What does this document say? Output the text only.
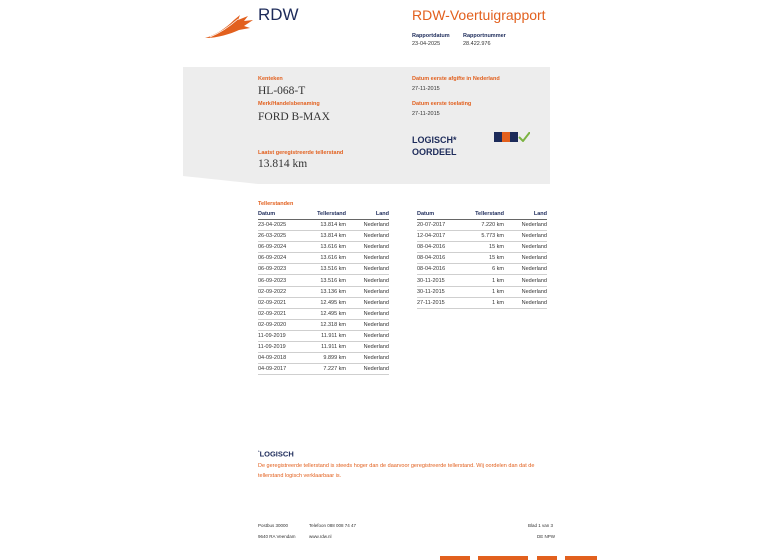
RDW	RDW-Voertuigrapport
Rapportdatum
23-04-2025
Rapportnummer
28.422.976
Kenteken
HL-068-T
Merk/Handelsbenaming
FORD B-MAX
Laatst geregistreerde tellerstand
13.814 km
Datum eerste afgifte in Nederland
27-11-2015
Datum eerste toelating
27-11-2015
LOGISCH*
OORDEEL
Tellerstanden
Datum	Tellerstand	Land
23-04-2025	13.814 km	Nederland
26-03-2025	13.814 km	Nederland
06-09-2024	13.616 km	Nederland
06-09-2024	13.616 km	Nederland
06-09-2023	13.516 km	Nederland
06-09-2023	13.516 km	Nederland
02-09-2022	13.136 km	Nederland
02-09-2021	12.495 km	Nederland
02-09-2021	12.495 km	Nederland
02-09-2020	12.318 km	Nederland
11-09-2019	11.911 km	Nederland
11-09-2019	11.911 km	Nederland
04-09-2018	9.899 km	Nederland
04-09-2017	7.227 km	Nederland
Datum	Tellerstand	Land
20-07-2017	7.220 km	Nederland
12-04-2017	5.773 km	Nederland
08-04-2016	15 km	Nederland
08-04-2016	15 km	Nederland
08-04-2016	6 km	Nederland
30-11-2015	1 km	Nederland
30-11-2015	1 km	Nederland
27-11-2015	1 km	Nederland
*LOGISCH
De geregistreerde tellerstand is steeds hoger dan de daarvoor geregistreerde tellerstand. Wij oordelen dan dat de tellerstand logisch verklaarbaar is.
Postbus 30000	Telefoon 088 008 74 47	Blad 1 van 3
9640 RA Veendam	www.rdw.nl	DE NPW
